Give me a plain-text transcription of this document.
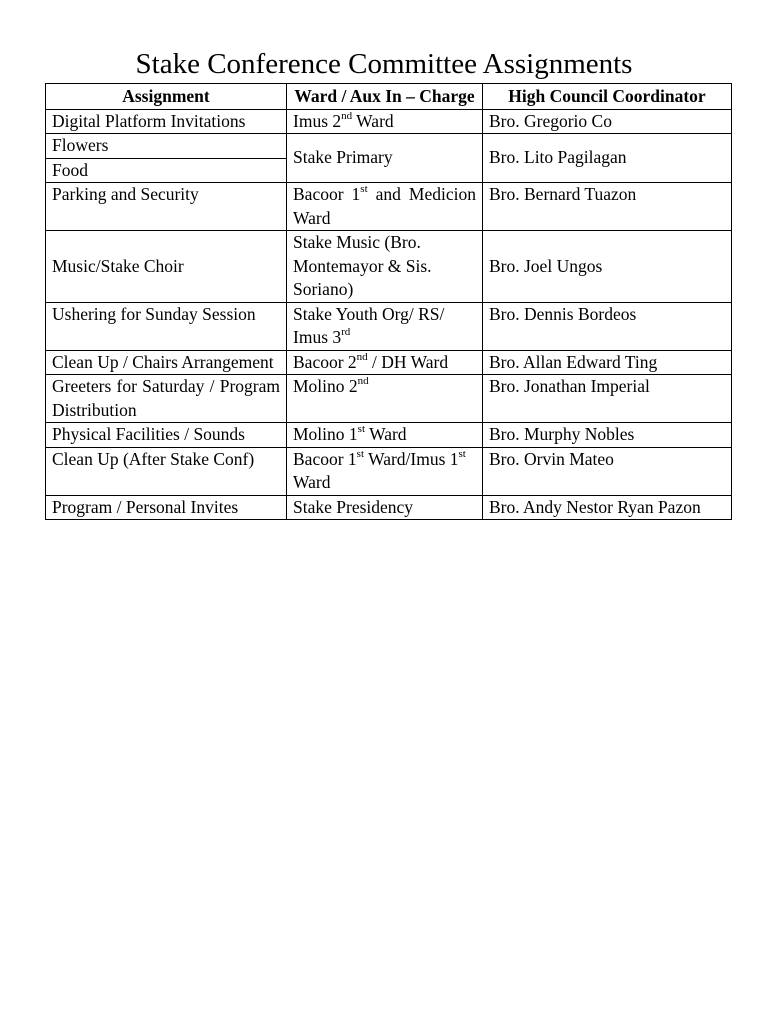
Stake Conference Committee Assignments
Assignment	Ward / Aux In – Charge	High Council Coordinator
Digital Platform Invitations	Imus 2nd Ward	Bro. Gregorio Co
Flowers	Stake Primary	Bro. Lito Pagilagan
Food		
Parking and Security	Bacoor 1st and Medicion Ward	Bro. Bernard Tuazon
Music/Stake Choir	Stake Music (Bro. Montemayor & Sis. Soriano)	Bro. Joel Ungos
Ushering for Sunday Session	Stake Youth Org/ RS/ Imus 3rd	Bro. Dennis Bordeos
Clean Up / Chairs Arrangement	Bacoor 2nd / DH Ward	Bro. Allan Edward Ting
Greeters for Saturday / Program Distribution	Molino 2nd	Bro. Jonathan Imperial
Physical Facilities / Sounds	Molino 1st Ward	Bro. Murphy Nobles
Clean Up (After Stake Conf)	Bacoor 1st Ward/Imus 1st Ward	Bro. Orvin Mateo
Program / Personal Invites	Stake Presidency	Bro. Andy Nestor Ryan Pazon
